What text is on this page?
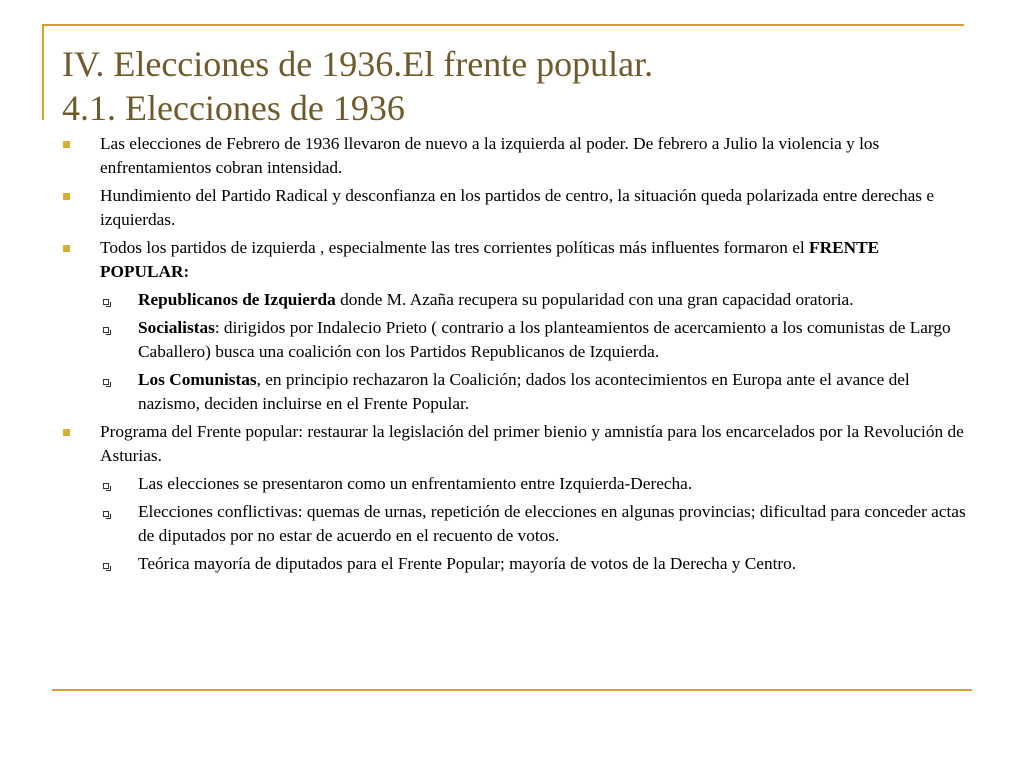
IV. Elecciones de 1936.El frente popular.
4.1. Elecciones de 1936
Las elecciones de Febrero de 1936 llevaron de nuevo a la izquierda al poder. De febrero a Julio la violencia y los enfrentamientos cobran intensidad.
Hundimiento del Partido Radical y desconfianza en los partidos de centro, la situación queda polarizada entre derechas e izquierdas.
Todos los partidos de izquierda , especialmente las tres corrientes políticas más influentes formaron el FRENTE POPULAR:
Republicanos de Izquierda donde M. Azaña recupera su popularidad con una gran capacidad oratoria.
Socialistas: dirigidos por Indalecio Prieto ( contrario a los planteamientos de acercamiento a los comunistas de Largo Caballero) busca una coalición con los Partidos Republicanos de Izquierda.
Los Comunistas, en principio rechazaron la Coalición; dados los acontecimientos en Europa ante el avance del nazismo, deciden incluirse en el Frente Popular.
Programa del Frente popular: restaurar la legislación del primer bienio y amnistía para los encarcelados por la Revolución de Asturias.
Las elecciones se presentaron como un enfrentamiento entre Izquierda-Derecha.
Elecciones conflictivas: quemas de urnas, repetición de elecciones en algunas provincias; dificultad para conceder actas de diputados por no estar de acuerdo en el recuento de votos.
Teórica mayoría de diputados para el Frente Popular; mayoría de votos de la Derecha y Centro.
